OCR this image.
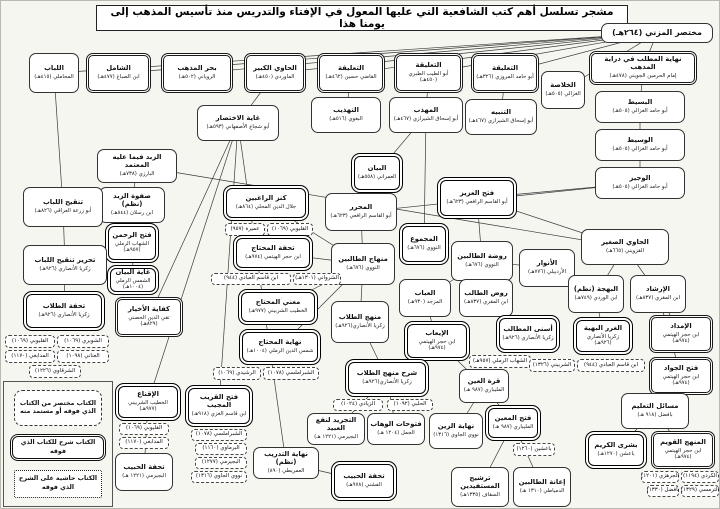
مشجر تسلسل أهم كتب الشافعية التي عليها المعول في الإفتاء والتدريس منذ تأسيس المذهب إلى يومنا هذا
مختصر المزني (٢٦٤هـ)
اللباب
المحاملي (٤١٥هـ)
الشامل
ابن الصباغ (٤٧٧هـ)
بحر المذهب
الروياني (٥٠٢هـ)
الحاوي الكبير
الماوردي (٤٥٠هـ)
التعليقة
القاضي حسين (٤٦٢هـ)
التعليقة
أبو الطيب الطبري (٤٥٠هـ)
التعليقة
أبو حامد المروزي (٣٢٦هـ)
الخلاصة
الغزالي (٥٠٥هـ)
نهاية المطلب في دراية المذهب
إمام الحرمين الجويني (٤٧٨هـ)
البسيط
أبو حامد الغزالي (٥٠٥هـ)
الوسيط
أبو حامد الغزالي (٥٠٥هـ)
الوجيز
أبو حامد الغزالي (٥٠٥هـ)
التهذيب
البغوي (٥١٦هـ)
المهذب
أبو إسحاق الشيرازي (٤٦٧هـ)
التنبيه
أبو إسحاق الشيرازي (٤٦٧هـ)
غاية الاختصار
أبو شجاع الأصفهاني (٥٩٣هـ)
الزبد فيما عليه المعتمد
البارزي (٧٣٨هـ)
صفوة الزبد (نظم)
ابن رسلان (٨٤٤هـ)
البيان
العمراني (٥٥٨هـ)
فتح العزيز
أبو القاسم الرافعي (٦٢٣هـ)
تنقيح اللباب
أبو زرعة العراقي (٨٢٦هـ)
كنز الراغبين
جلال الدين المحلي (٨٦٤هـ)
عميرة (٩٥٧) القليوبي (١٠٦٩)
المحرر
أبو القاسم الرافعي (٦٢٣هـ)
فتح الرحمن
الشهاب الرملي (٩٥٧هـ)
غاية البيان
الشمس الرملي (١٠٠٤هـ)
المجموع
النووي (٦٧٦هـ)
منهاج الطالبين
النووي (٦٧٦هـ)
روضة الطالبين
النووي (٦٧٦هـ)	الأنوار
الأردبيلي (٧٧٦هـ)
الحاوي الصغير
القزويني (٦٦٥هـ)
تحرير تنقيح اللباب
زكريا الأنصاري (٩٢٦هـ)
تحفة الطلاب
زكريا الأنصاري (٩٢٦هـ)
القليوبي (١٠٦٩)	الشوبري (١٠٦٩)
المدابغي (١١٧٠)	العناني (١٠٩٨)
الشرقاوي (١٢٢٦)
كفاية الأخيار
تقي الدين الحصني (٨٢٩هـ)
تحفة المحتاج
ابن حجر الهيتمي (٩٧٤هـ)
ابن قاسم العبادي (٩٤٤)	الشرواني (١٣٠١هـ)
مغني المحتاج
الخطيب الشربيني (٩٧٧هـ)
نهاية المحتاج
شمس الدين الرملي (١٠٠٤هـ)
الرشيدي (١٠٦٩) الشبراملسي (١٠٧٨)
العباب
المزجد (٩٣٠هـ)
روض الطالب
ابن المقري (٨٣٧هـ)
الإيعاب
ابن حجر الهيتمي (٩٧٤هـ)
أسنى المطالب
زكريا الأنصاري (٩٢٦هـ)
الشهاب الرملي (٩٥٧هـ)
البهجة (نظم)
ابن الوردي (٧٤٩هـ)
الإرشاد
ابن المقري (٨٣٧هـ)
الغرر البهية
زكريا الأنصاري (٩٢٦هـ)
الشربيني (١٣٢٦) ابن قاسم العبادي (٩٤٤)
الإمداد
ابن حجر الهيتمي (٩٧٤هـ)
فتح الجواد
ابن حجر الهيتمي (٩٧٤هـ)
مسائل التعليم
بافضل (٩١٨ هـ)
بشرى الكريم
باعشن (١٢٧٠هـ)
المنهج القويم
ابن حجر الهيتمي (٩٧٤هـ)
الكردي (١١٩٤)
الترمسي (١٣٢٩)
الجرهزي (١٢٠١)
بافضل (١٣٣٠)
منهج الطلاب
زكريا الأنصاري(٩٢٦هـ)
شرح منهج الطلاب
زكريا الأنصاري(٩٢٦هـ)
الزيادي (١٠٢٤)	الحلبي (١٠٩٢)
فتوحات الوهاب
الجمل (١٢٠٤ هـ)
التجريد لنفع العبيد
البجيرمي (١٢٢١ هـ)
نهاية التدريب (نظم)
العمريطي (٨٩٠)
تحفة الحبيب
الفشني (٩٧٨هـ)
الإقناع
الخطيب الشربيني (٩٧٧هـ)
القليوبي (١٠٦٩)
المدابغي (١١٧٠)
تحفة الحبيب
البجيرمي (١٢٢١ هـ)
فتح القريب المجيب
ابن قاسم الغزي (٩١٨هـ)
الشبراملسي (١٠٧٨)
البرماوي (١١٦٠)
البجيرمي (١٢٧٧)
نووي الجاوي (١٣١٦)
قرة العين
المليباري (٩٨٧ هـ)
فتح المعين
المليباري (٩٨٧ هـ)
باعشين (١٢٦٠)
نهاية الزين
نووي الجاوي (١٣١٦)
ترشيح المستفيدين
السقاف (١٣٣٥هـ)
إعانة الطالبين
الدمياطي (١٣١٠ هـ)
الكتاب مختصر من الكتاب الذي فوقه أو مستمد منه
الكتاب شرح للكتاب الذي فوقه
الكتاب حاشية على الشرح الذي فوقه
